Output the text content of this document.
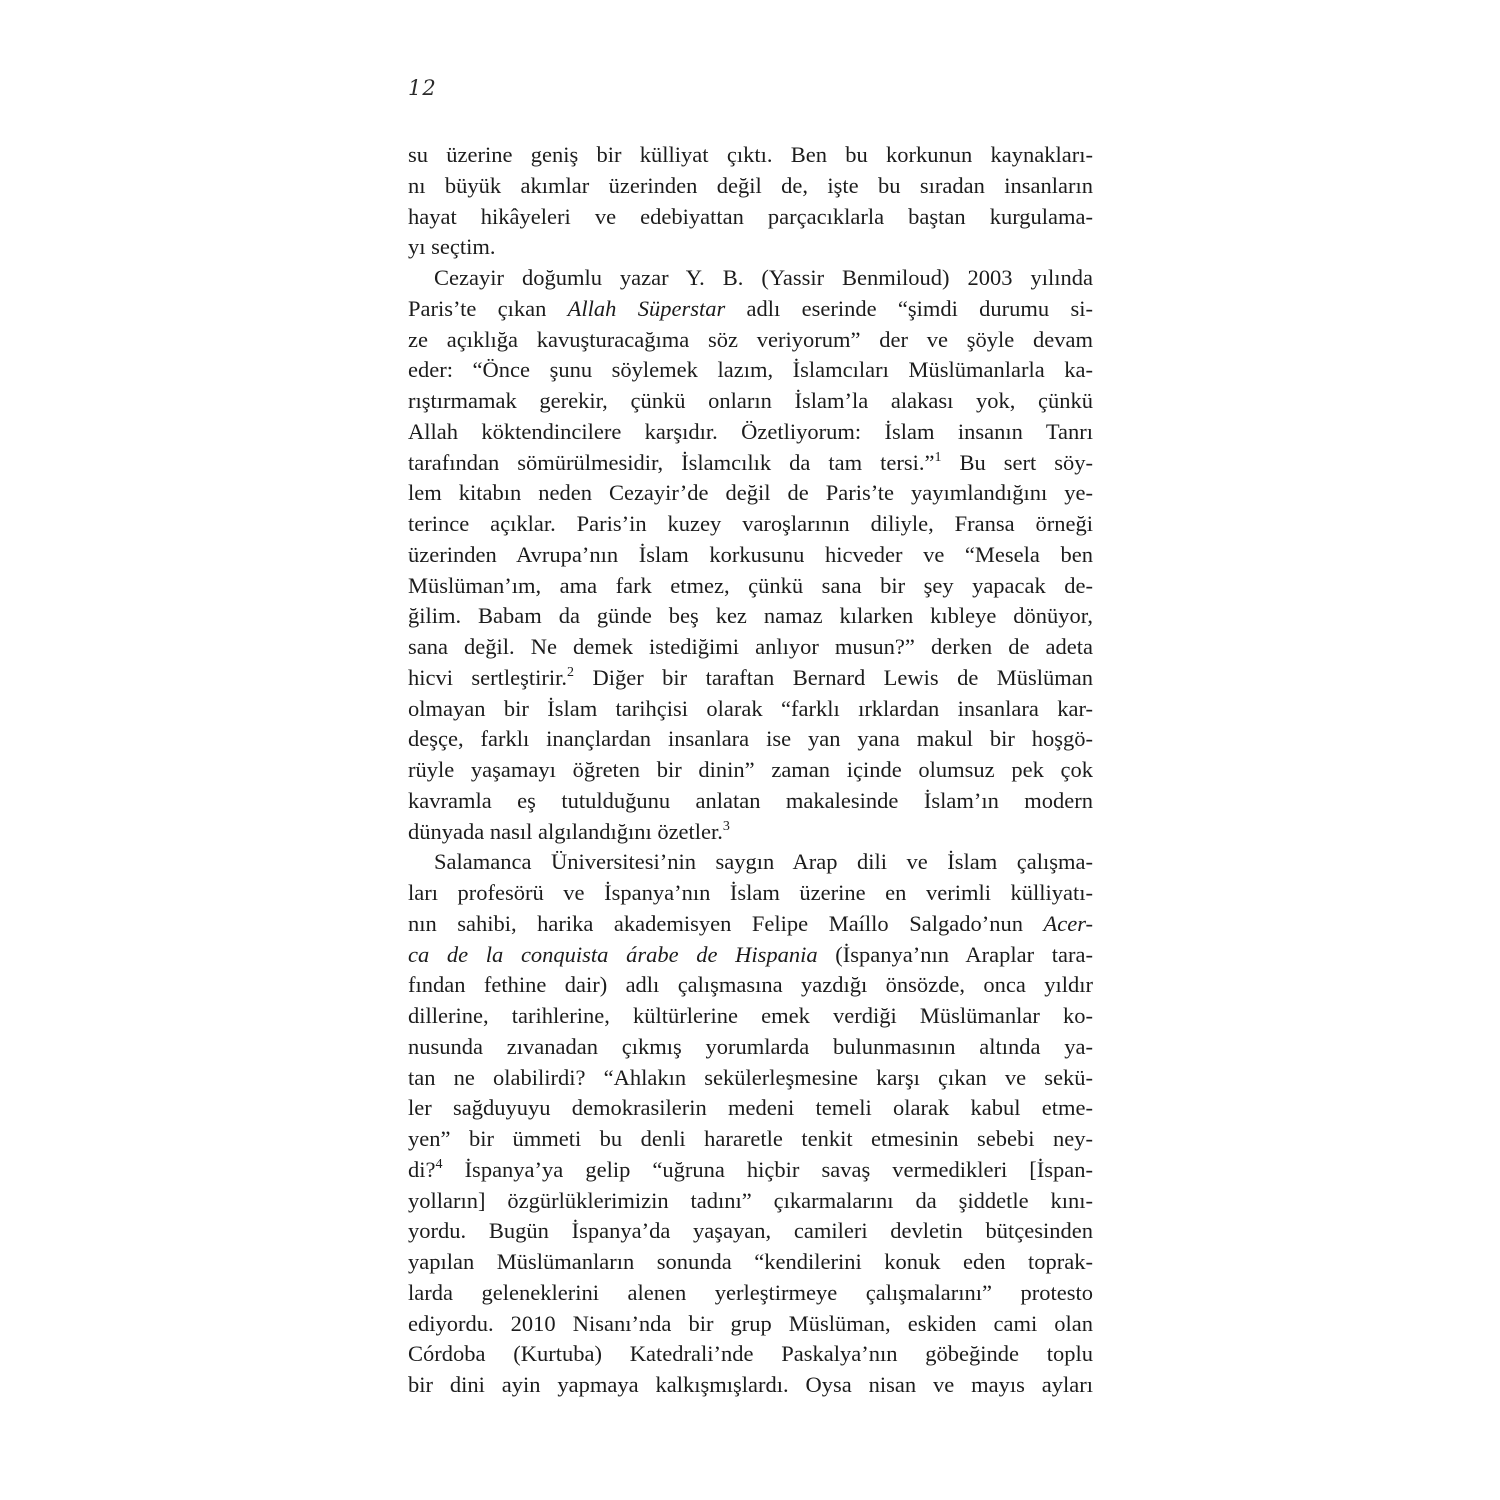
12
su üzerine geniş bir külliyat çıktı. Ben bu korkunun kaynakları-
nı büyük akımlar üzerinden değil de, işte bu sıradan insanların
hayat hikâyeleri ve edebiyattan parçacıklarla baştan kurgulama-
yı seçtim.
Cezayir doğumlu yazar Y. B. (Yassir Benmiloud) 2003 yılında
Paris’te çıkan Allah Süperstar adlı eserinde “şimdi durumu si-
ze açıklığa kavuşturacağıma söz veriyorum” der ve şöyle devam
eder: “Önce şunu söylemek lazım, İslamcıları Müslümanlarla ka-
rıştırmamak gerekir, çünkü onların İslam’la alakası yok, çünkü
Allah köktendincilere karşıdır. Özetliyorum: İslam insanın Tanrı
tarafından sömürülmesidir, İslamcılık da tam tersi.”$^1$ Bu sert söy-
lem kitabın neden Cezayir’de değil de Paris’te yayımlandığını ye-
terince açıklar. Paris’in kuzey varoşlarının diliyle, Fransa örneği
üzerinden Avrupa’nın İslam korkusunu hicveder ve “Mesela ben
Müslüman’ım, ama fark etmez, çünkü sana bir şey yapacak de-
ğilim. Babam da günde beş kez namaz kılarken kıbleye dönüyor,
sana değil. Ne demek istediğimi anlıyor musun?” derken de adeta
hicvi sertleştirir.$^2$ Diğer bir taraftan Bernard Lewis de Müslüman
olmayan bir İslam tarihçisi olarak “farklı ırklardan insanlara kar-
deşçe, farklı inançlardan insanlara ise yan yana makul bir hoşgö-
rüyle yaşamayı öğreten bir dinin” zaman içinde olumsuz pek çok
kavramla eş tutulduğunu anlatan makalesinde İslam’ın modern
dünyada nasıl algılandığını özetler.$^3$
Salamanca Üniversitesi’nin saygın Arap dili ve İslam çalışma-
ları profesörü ve İspanya’nın İslam üzerine en verimli külliyatı-
nın sahibi, harika akademisyen Felipe Maíllo Salgado’nun Acer-
ca de la conquista árabe de Hispania (İspanya’nın Araplar tara-
fından fethine dair) adlı çalışmasına yazdığı önsözde, onca yıldır
dillerine, tarihlerine, kültürlerine emek verdiği Müslümanlar ko-
nusunda zıvanadan çıkmış yorumlarda bulunmasının altında ya-
tan ne olabilirdi? “Ahlakın sekülerleşmesine karşı çıkan ve sekü-
ler sağduyuyu demokrasilerin medeni temeli olarak kabul etme-
yen” bir ümmeti bu denli hararetle tenkit etmesinin sebebi ney-
di?$^4$ İspanya’ya gelip “uğruna hiçbir savaş vermedikleri [İspan-
yolların] özgürlüklerimizin tadını” çıkarmalarını da şiddetle kını-
yordu. Bugün İspanya’da yaşayan, camileri devletin bütçesinden
yapılan Müslümanların sonunda “kendilerini konuk eden toprak-
larda geleneklerini alenen yerleştirmeye çalışmalarını” protesto
ediyordu. 2010 Nisanı’nda bir grup Müslüman, eskiden cami olan
Córdoba (Kurtuba) Katedrali’nde Paskalya’nın göbeğinde toplu
bir dini ayin yapmaya kalkışmışlardı. Oysa nisan ve mayıs ayları
